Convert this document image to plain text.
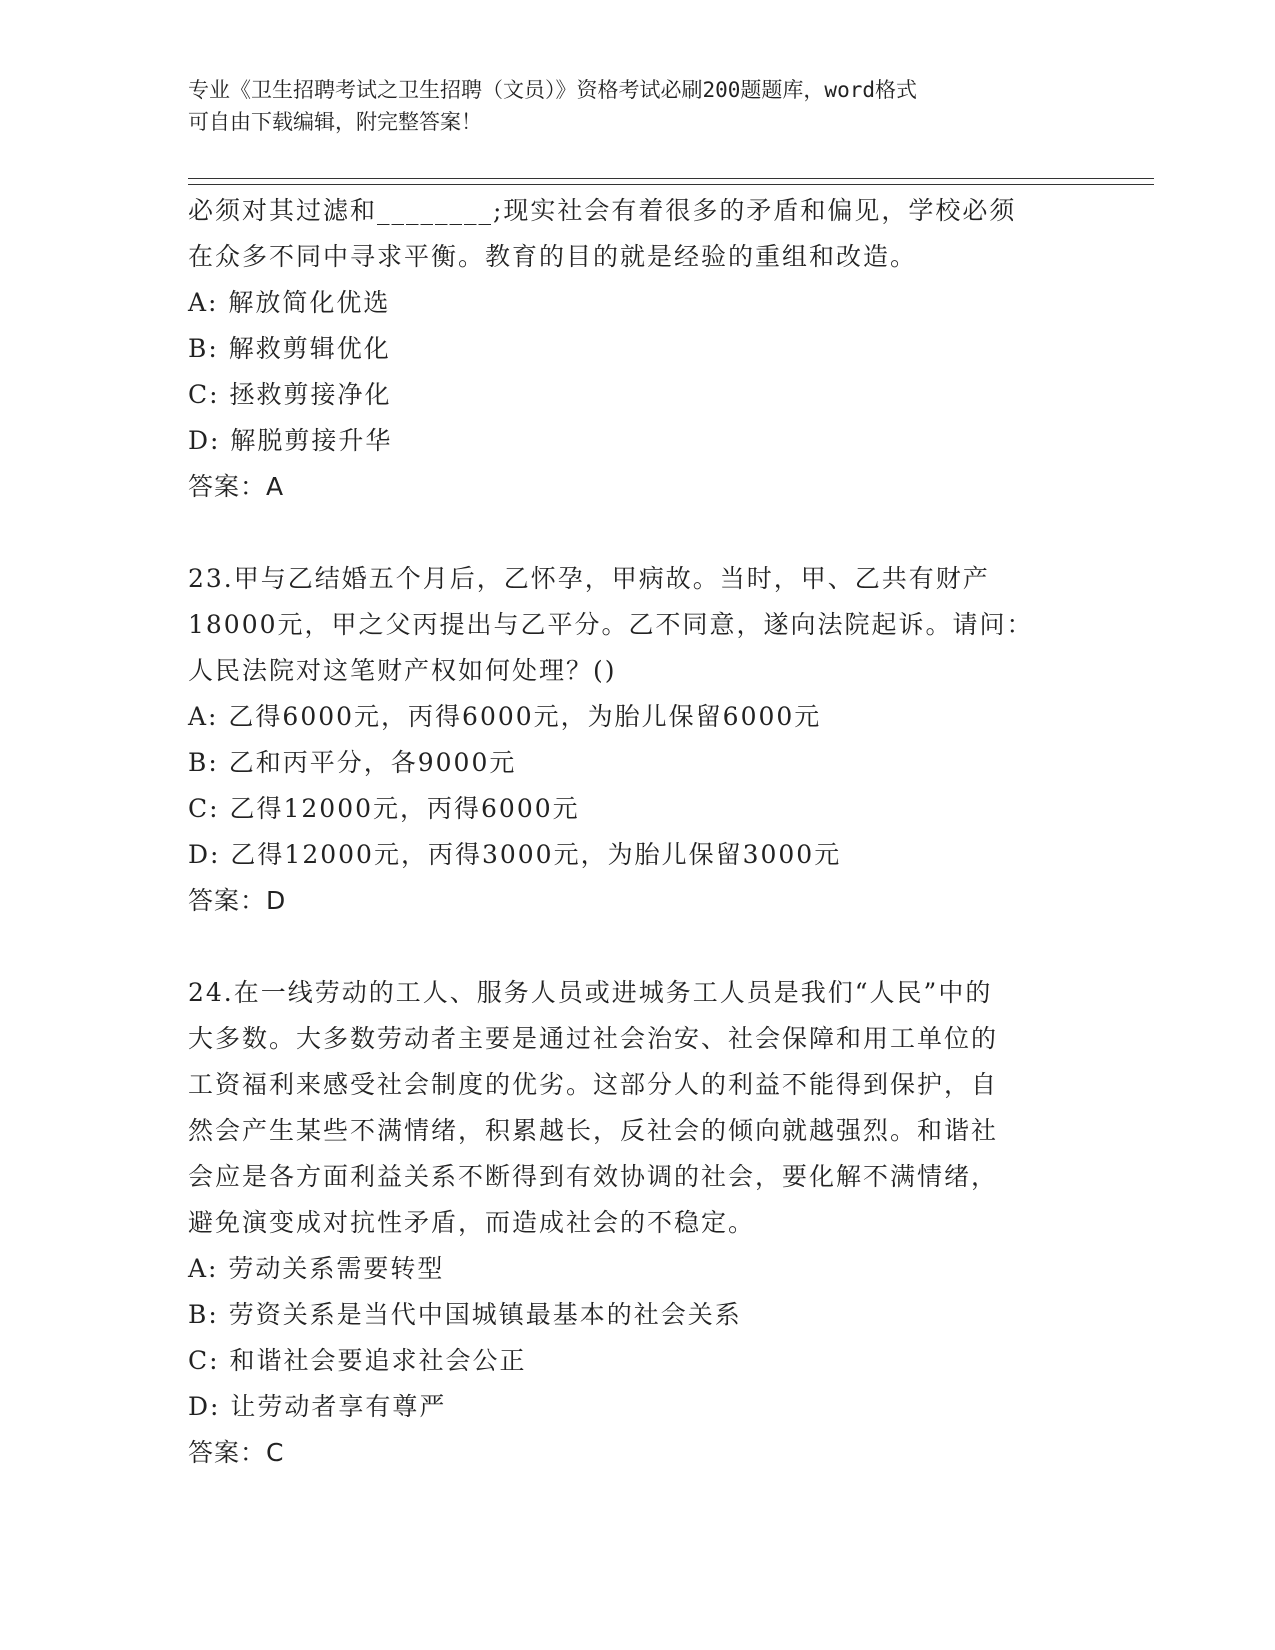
专业《卫生招聘考试之卫生招聘（文员）》资格考试必刷200题题库，word格式
可自由下载编辑，附完整答案！
必须对其过滤和________;现实社会有着很多的矛盾和偏见，学校必须
在众多不同中寻求平衡。教育的目的就是经验的重组和改造。
A: 解放简化优选
B: 解救剪辑优化
C: 拯救剪接净化
D: 解脱剪接升华
答案：A
23.甲与乙结婚五个月后，乙怀孕，甲病故。当时，甲、乙共有财产
18000元，甲之父丙提出与乙平分。乙不同意，遂向法院起诉。请问：
人民法院对这笔财产权如何处理？()
A: 乙得6000元，丙得6000元，为胎儿保留6000元
B: 乙和丙平分，各9000元
C: 乙得12000元，丙得6000元
D: 乙得12000元，丙得3000元，为胎儿保留3000元
答案：D
24.在一线劳动的工人、服务人员或进城务工人员是我们“人民”中的
大多数。大多数劳动者主要是通过社会治安、社会保障和用工单位的
工资福利来感受社会制度的优劣。这部分人的利益不能得到保护，自
然会产生某些不满情绪，积累越长，反社会的倾向就越强烈。和谐社
会应是各方面利益关系不断得到有效协调的社会，要化解不满情绪，
避免演变成对抗性矛盾，而造成社会的不稳定。
A: 劳动关系需要转型
B: 劳资关系是当代中国城镇最基本的社会关系
C: 和谐社会要追求社会公正
D: 让劳动者享有尊严
答案：C
